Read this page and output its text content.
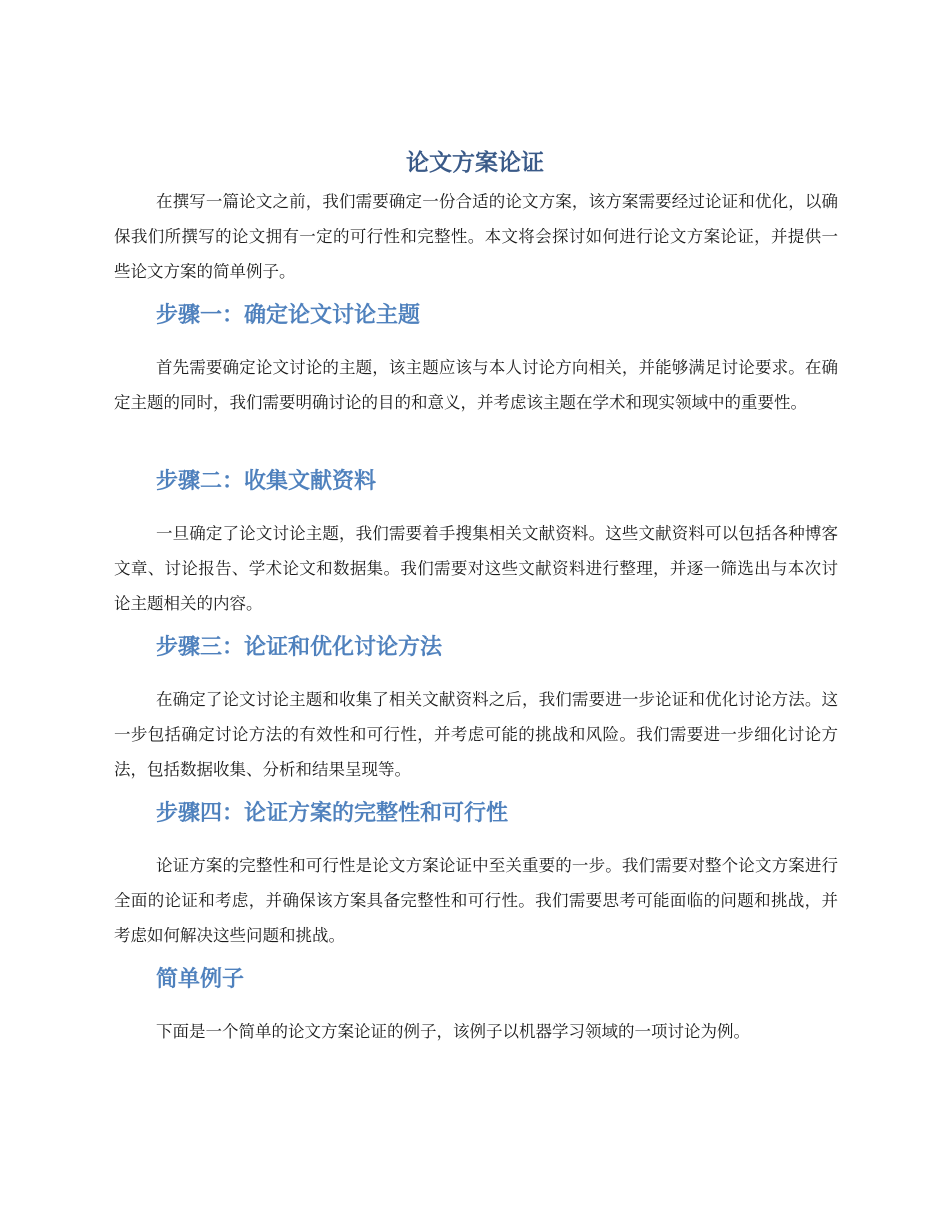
论文方案论证

在撰写一篇论文之前，我们需要确定一份合适的论文方案，该方案需要经过论证和优化，以确保我们所撰写的论文拥有一定的可行性和完整性。本文将会探讨如何进行论文方案论证，并提供一些论文方案的简单例子。

步骤一：确定论文讨论主题

首先需要确定论文讨论的主题，该主题应该与本人讨论方向相关，并能够满足讨论要求。在确定主题的同时，我们需要明确讨论的目的和意义，并考虑该主题在学术和现实领域中的重要性。

步骤二：收集文献资料

一旦确定了论文讨论主题，我们需要着手搜集相关文献资料。这些文献资料可以包括各种博客文章、讨论报告、学术论文和数据集。我们需要对这些文献资料进行整理，并逐一筛选出与本次讨论主题相关的内容。

步骤三：论证和优化讨论方法

在确定了论文讨论主题和收集了相关文献资料之后，我们需要进一步论证和优化讨论方法。这一步包括确定讨论方法的有效性和可行性，并考虑可能的挑战和风险。我们需要进一步细化讨论方法，包括数据收集、分析和结果呈现等。

步骤四：论证方案的完整性和可行性

论证方案的完整性和可行性是论文方案论证中至关重要的一步。我们需要对整个论文方案进行全面的论证和考虑，并确保该方案具备完整性和可行性。我们需要思考可能面临的问题和挑战，并考虑如何解决这些问题和挑战。

简单例子

下面是一个简单的论文方案论证的例子，该例子以机器学习领域的一项讨论为例。
